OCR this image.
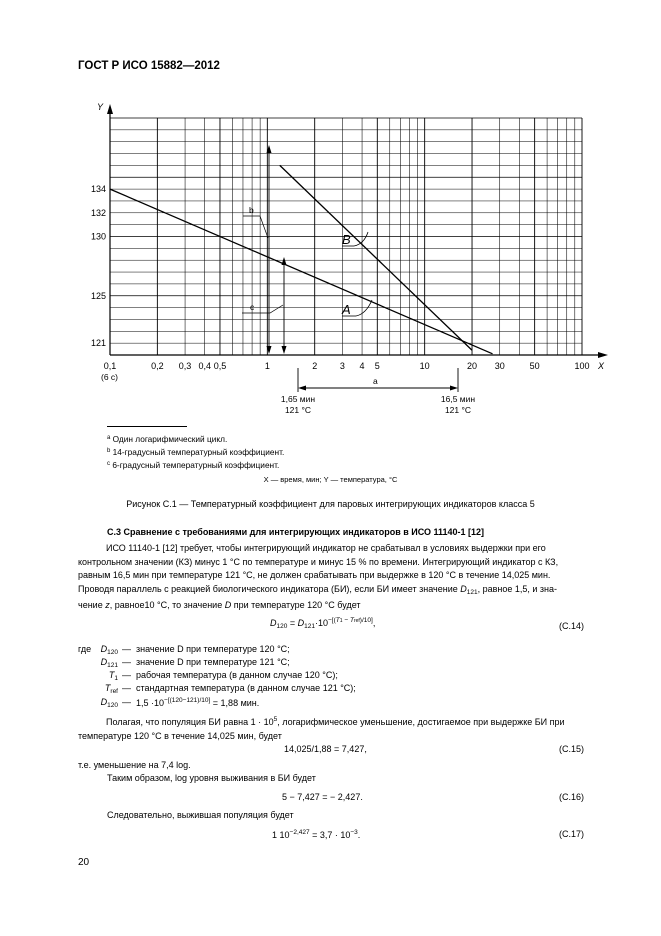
ГОСТ Р ИСО 15882—2012
Y
X
121
125
130
132
134
0,1	0,2 0,3 0,4 0,5	1	2	3 4 5	10	20 30	50	100
(6 с)
b
c
B
A
a
1,65 мин
121 °С
16,5 мин
121 °С
$^a$ Один логарифмический цикл.
$^b$ 14-градусный температурный коэффициент.
$^c$ 6-градусный температурный коэффициент.
X — время, мин; Y — температура, °С
Рисунок С.1 — Температурный коэффициент для паровых интегрирующих индикаторов класса 5
С.3 Сравнение с требованиями для интегрирующих индикаторов в ИСО 11140-1 [12]
ИСО 11140-1 [12] требует, чтобы интегрирующий индикатор не срабатывал в условиях выдержки при его
контрольном значении (КЗ) минус 1 °С по температуре и минус 15 % по времени. Интегрирующий индикатор с КЗ,
равным 16,5 мин при температуре 121 °С, не должен срабатывать при выдержке в 120 °С в течение 14,025 мин.
Проводя параллель с реакцией биологического индикатора (БИ), если БИ имеет значение $D_{121}$, равное 1,5, и зна-
чение z, равное10 °С, то значение D при температуре 120 °С будет
$D_{120} = D_{121}\cdot 10^{-[(T1 - Tref)/10]}$,	(С.14)
где	$D_{120}$ — значение D при температуре 120 °С;
$D_{121}$ — значение D при температуре 121 °С;
$T_1$ — рабочая температура (в данном случае 120 °С);
$T_{ref}$ — стандартная температура (в данном случае 121 °С);
$D_{120}$ — $1,5 \cdot 10^{-[(120-121)/10]} = 1,88$ мин.
Полагая, что популяция БИ равна $1 \cdot 10^5$, логарифмическое уменьшение, достигаемое при выдержке БИ при
температуре 120 °С в течение 14,025 мин, будет
14,025/1,88 = 7,427,	(С.15)
т.е. уменьшение на 7,4 log.
Таким образом, log уровня выживания в БИ будет
5 − 7,427 = − 2,427.	(С.16)
Следовательно, выжившая популяция будет
1 $10^{-2,427} = 3,7 \cdot 10^{-3}$.	(С.17)
20
